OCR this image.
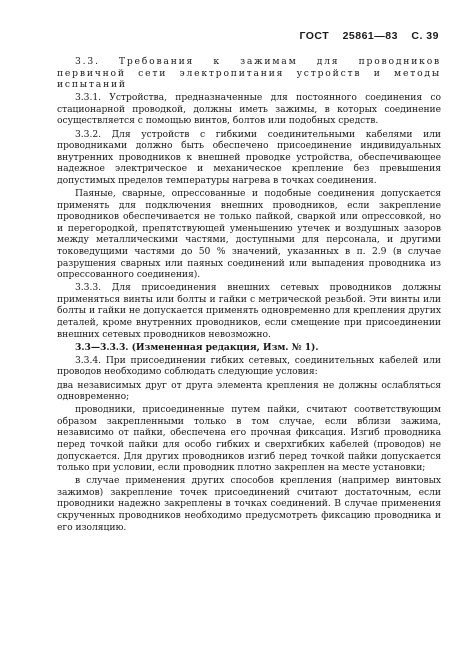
ГОСТ 25861—83 С. 39

3.3. Требования к зажимам для проводников первичной сети электропитания устройств и методы испытаний

3.3.1. Устройства, предназначенные для постоянного соединения со стационарной проводкой, должны иметь зажимы, в которых соединение осуществляется с помощью винтов, болтов или подобных средств.

3.3.2. Для устройств с гибкими соединительными кабелями или проводниками должно быть обеспечено присоединение индивидуальных внутренних проводников к внешней проводке устройства, обеспечивающее надежное электрическое и механическое крепление без превышения допустимых пределов температуры нагрева в точках соединения.

Паяные, сварные, опрессованные и подобные соединения допускается применять для подключения внешних проводников, если закрепление проводников обеспечивается не только пайкой, сваркой или опрессовкой, но и перегородкой, препятствующей уменьшению утечек и воздушных зазоров между металлическими частями, доступными для персонала, и другими токоведущими частями до 50 % значений, указанных в п. 2.9 (в случае разрушения сварных или паяных соединений или выпадения проводника из опрессованного соединения).

3.3.3. Для присоединения внешних сетевых проводников должны применяться винты или болты и гайки с метрической резьбой. Эти винты или болты и гайки не допускается применять одновременно для крепления других деталей, кроме внутренних проводников, если смещение при присоединении внешних сетевых проводников невозможно.

3.3—3.3.3. (Измененная редакция, Изм. № 1).

3.3.4. При присоединении гибких сетевых, соединительных кабелей или проводов необходимо соблюдать следующие условия:

два независимых друг от друга элемента крепления не должны ослабляться одновременно;

проводники, присоединенные путем пайки, считают соответствующим образом закрепленными только в том случае, если вблизи зажима, независимо от пайки, обеспечена его прочная фиксация. Изгиб проводника перед точкой пайки для особо гибких и сверхгибких кабелей (проводов) не допускается. Для других проводников изгиб перед точкой пайки допускается только при условии, если проводник плотно закреплен на месте установки;

в случае применения других способов крепления (например винтовых зажимов) закрепление точек присоединений считают достаточным, если проводники надежно закреплены в точках соединений. В случае применения скрученных проводников необходимо предусмотреть фиксацию проводника и его изоляцию.
